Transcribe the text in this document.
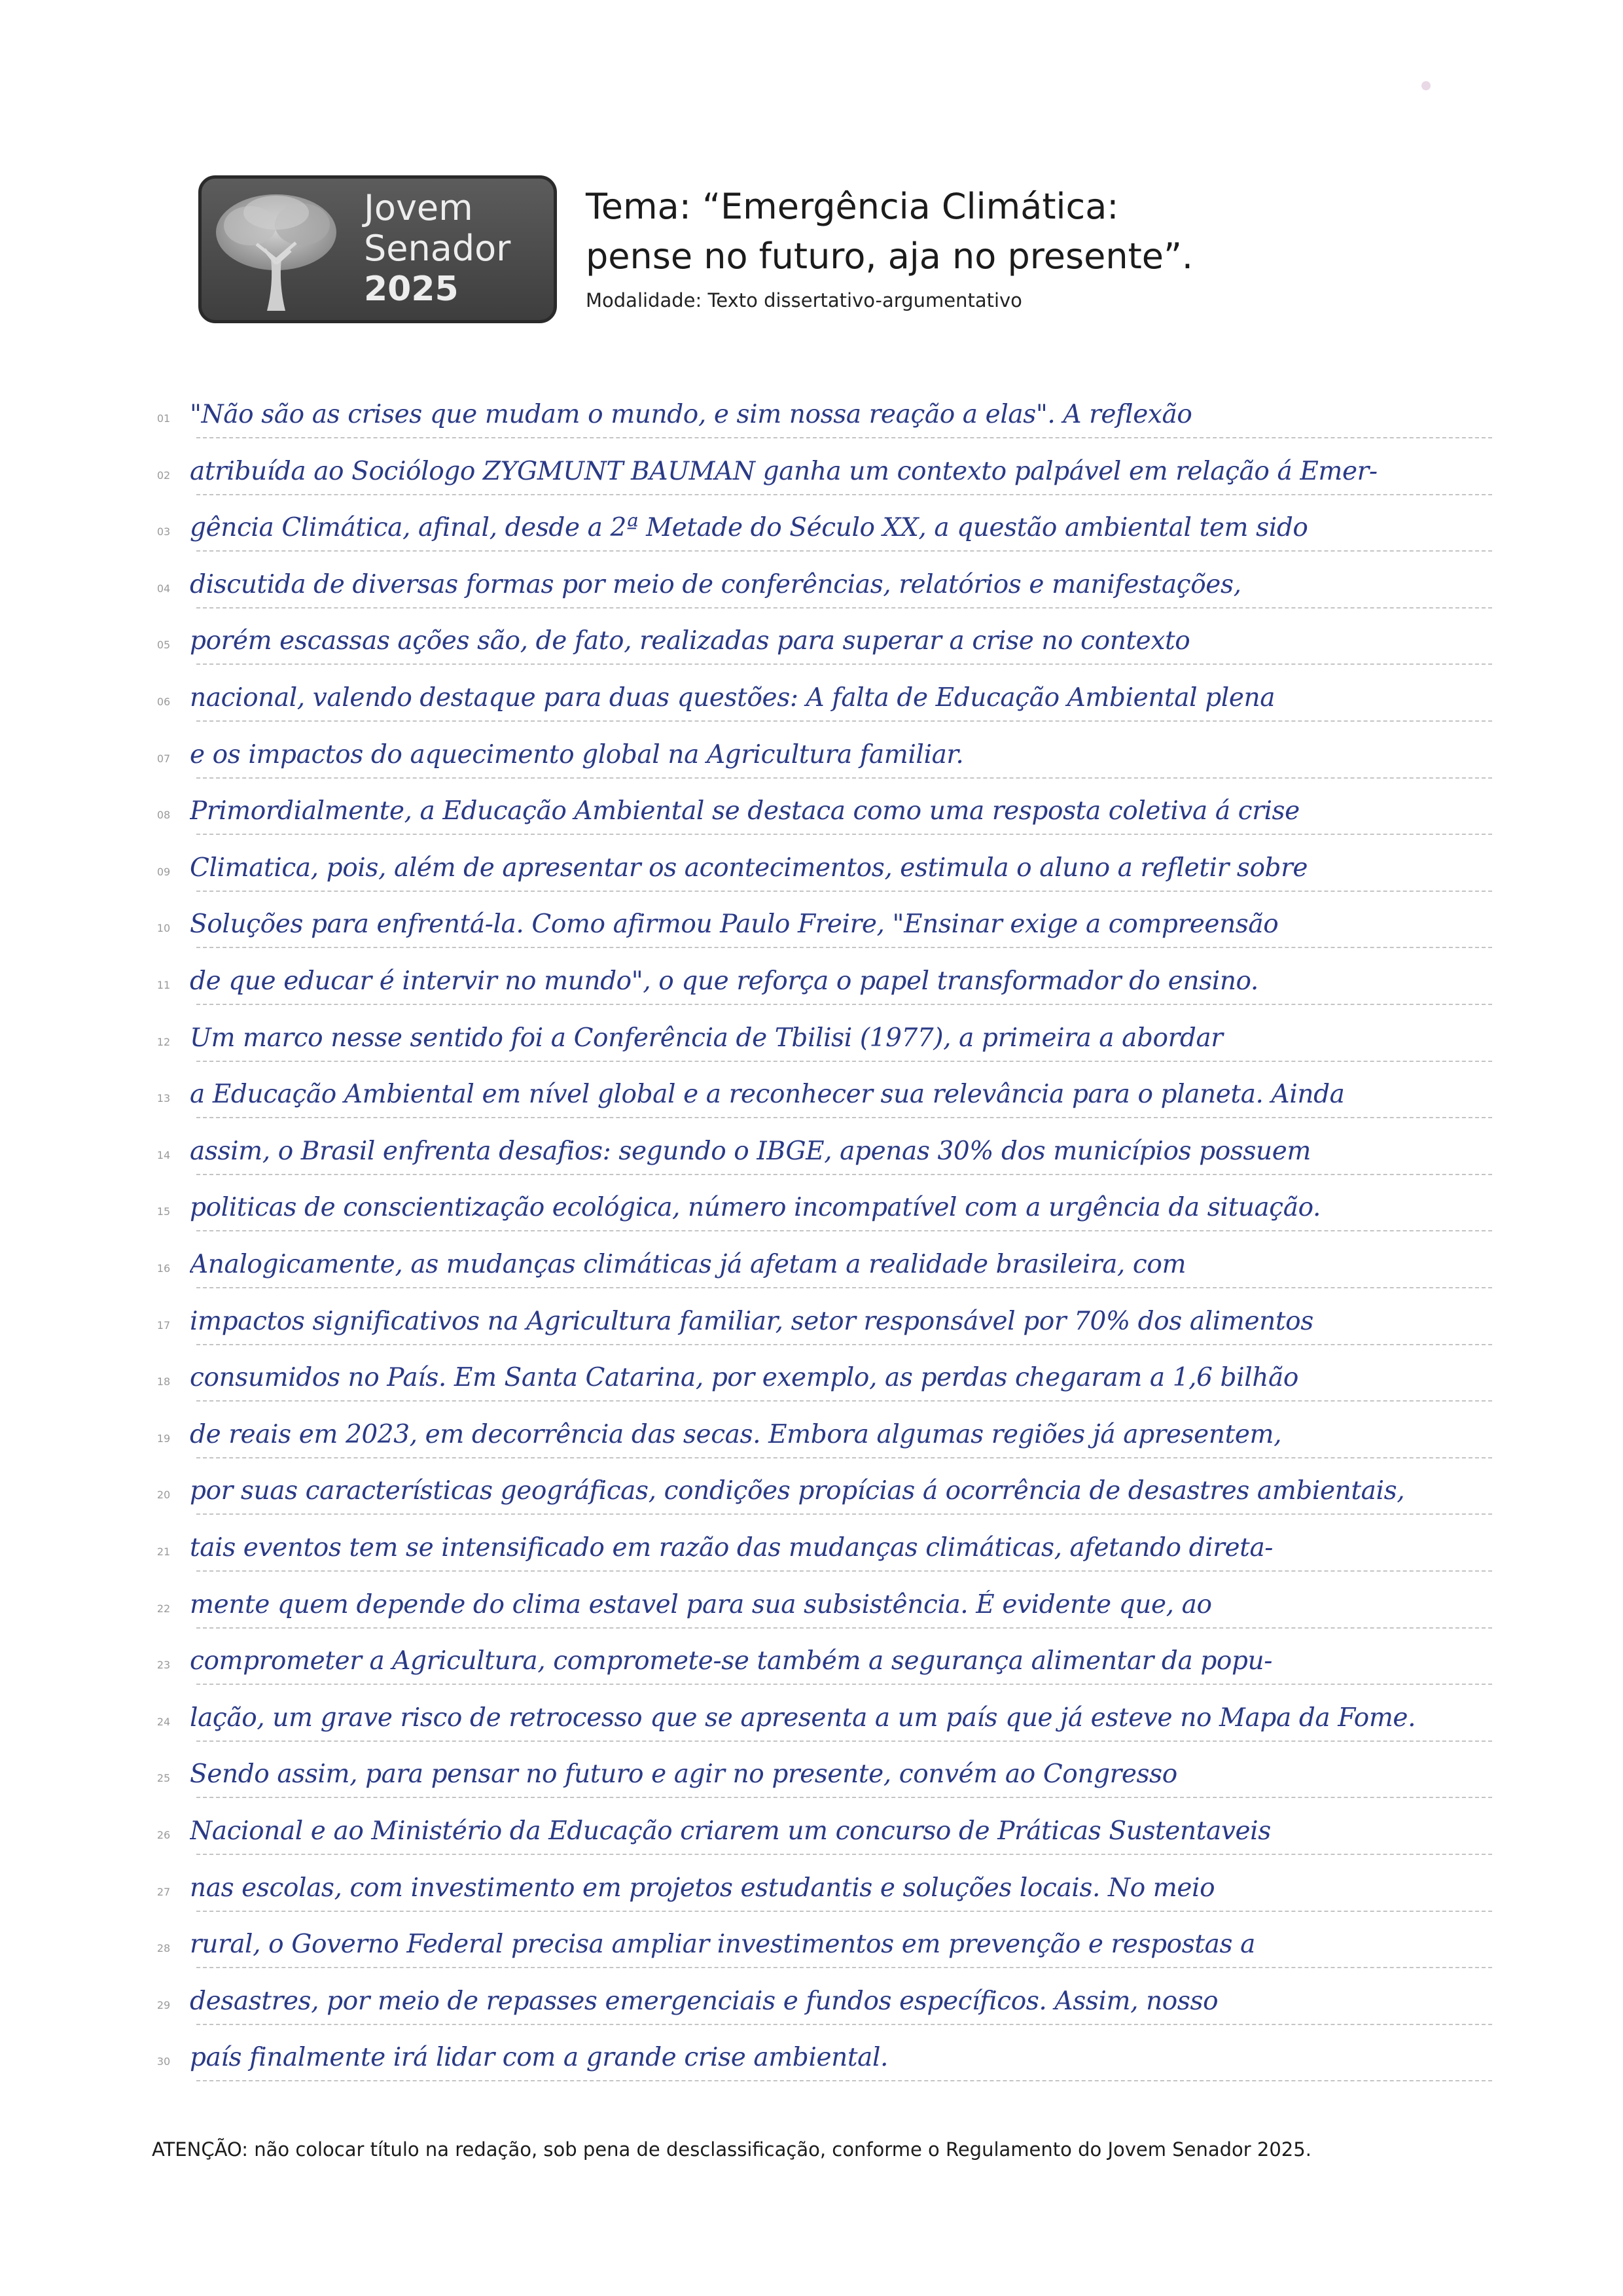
Jovem
Senador
2025
Tema: “Emergência Climática:
pense no futuro, aja no presente”.
Modalidade: Texto dissertativo-argumentativo
01 "Não são as crises que mudam o mundo, e sim nossa reação a elas". A reflexão
02 atribuída ao Sociólogo ZYGMUNT BAUMAN ganha um contexto palpável em relação á Emer-
03 gência Climática, afinal, desde a 2ª Metade do Século XX, a questão ambiental tem sido
04 discutida de diversas formas por meio de conferências, relatórios e manifestações,
05 porém escassas ações são, de fato, realizadas para superar a crise no contexto
06 nacional, valendo destaque para duas questões: A falta de Educação Ambiental plena
07 e os impactos do aquecimento global na Agricultura familiar.
08 Primordialmente, a Educação Ambiental se destaca como uma resposta coletiva á crise
09 Climatica, pois, além de apresentar os acontecimentos, estimula o aluno a refletir sobre
10 Soluções para enfrentá-la. Como afirmou Paulo Freire, "Ensinar exige a compreensão
11 de que educar é intervir no mundo", o que reforça o papel transformador do ensino.
12 Um marco nesse sentido foi a Conferência de Tbilisi (1977), a primeira a abordar
13 a Educação Ambiental em nível global e a reconhecer sua relevância para o planeta. Ainda
14 assim, o Brasil enfrenta desafios: segundo o IBGE, apenas 30% dos municípios possuem
15 politicas de conscientização ecológica, número incompatível com a urgência da situação.
16 Analogicamente, as mudanças climáticas já afetam a realidade brasileira, com
17 impactos significativos na Agricultura familiar, setor responsável por 70% dos alimentos
18 consumidos no País. Em Santa Catarina, por exemplo, as perdas chegaram a 1,6 bilhão
19 de reais em 2023, em decorrência das secas. Embora algumas regiões já apresentem,
20 por suas características geográficas, condições propícias á ocorrência de desastres ambientais,
21 tais eventos tem se intensificado em razão das mudanças climáticas, afetando direta-
22 mente quem depende do clima estavel para sua subsistência. É evidente que, ao
23 comprometer a Agricultura, compromete-se também a segurança alimentar da popu-
24 lação, um grave risco de retrocesso que se apresenta a um país que já esteve no Mapa da Fome.
25 Sendo assim, para pensar no futuro e agir no presente, convém ao Congresso
26 Nacional e ao Ministério da Educação criarem um concurso de Práticas Sustentaveis
27 nas escolas, com investimento em projetos estudantis e soluções locais. No meio
28 rural, o Governo Federal precisa ampliar investimentos em prevenção e respostas a
29 desastres, por meio de repasses emergenciais e fundos específicos. Assim, nosso
30 país finalmente irá lidar com a grande crise ambiental.
ATENÇÃO: não colocar título na redação, sob pena de desclassificação, conforme o Regulamento do Jovem Senador 2025.
